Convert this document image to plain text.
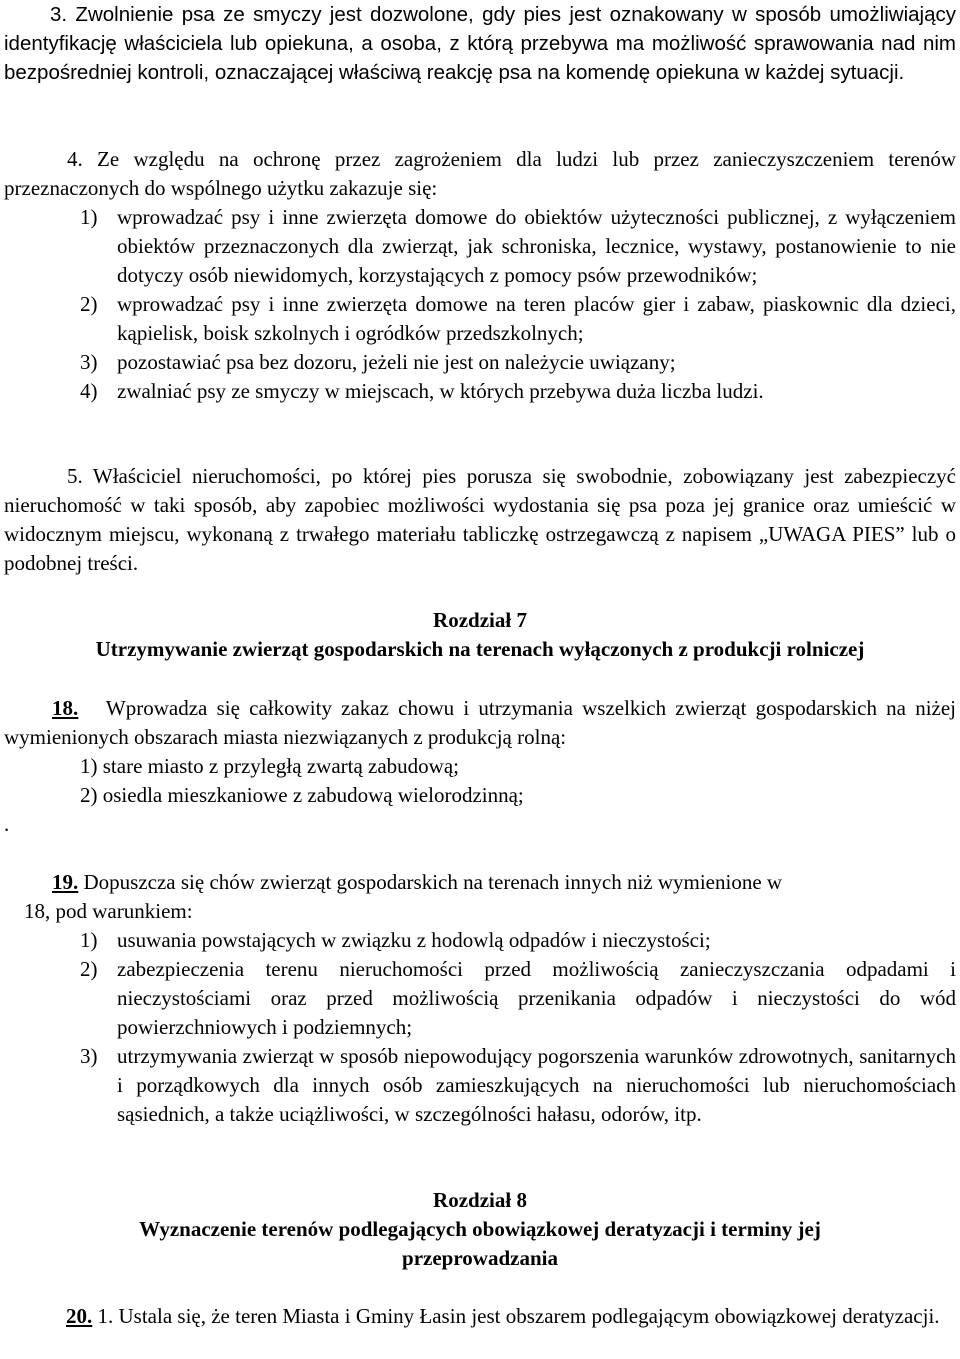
3. Zwolnienie psa ze smyczy jest dozwolone, gdy pies jest oznakowany w sposób umożliwiający identyfikację właściciela lub opiekuna, a osoba, z którą przebywa ma możliwość sprawowania nad nim bezpośredniej kontroli, oznaczającej właściwą reakcję psa na komendę opiekuna w każdej sytuacji.

4. Ze względu na ochronę przez zagrożeniem dla ludzi lub przez zanieczyszczeniem terenów przeznaczonych do wspólnego użytku zakazuje się:

1) wprowadzać psy i inne zwierzęta domowe do obiektów użyteczności publicznej, z wyłączeniem obiektów przeznaczonych dla zwierząt, jak schroniska, lecznice, wystawy, postanowienie to nie dotyczy osób niewidomych, korzystających z pomocy psów przewodników;
2) wprowadzać psy i inne zwierzęta domowe na teren placów gier i zabaw, piaskownic dla dzieci, kąpielisk, boisk szkolnych i ogródków przedszkolnych;
3) pozostawiać psa bez dozoru, jeżeli nie jest on należycie uwiązany;
4) zwalniać psy ze smyczy w miejscach, w których przebywa duża liczba ludzi.

5. Właściciel nieruchomości, po której pies porusza się swobodnie, zobowiązany jest zabezpieczyć nieruchomość w taki sposób, aby zapobiec możliwości wydostania się psa poza jej granice oraz umieścić w widocznym miejscu, wykonaną z trwałego materiału tabliczkę ostrzegawczą z napisem „UWAGA PIES” lub o podobnej treści.

Rozdział 7
Utrzymywanie zwierząt gospodarskich na terenach wyłączonych z produkcji rolniczej

18. Wprowadza się całkowity zakaz chowu i utrzymania wszelkich zwierząt gospodarskich na niżej wymienionych obszarach miasta niezwiązanych z produkcją rolną:

1) stare miasto z przyległą zwartą zabudową;
2) osiedla mieszkaniowe z zabudową wielorodzinną;
.

19. Dopuszcza się chów zwierząt gospodarskich na terenach innych niż wymienione w

18, pod warunkiem:

1) usuwania powstających w związku z hodowlą odpadów i nieczystości;
2) zabezpieczenia terenu nieruchomości przed możliwością zanieczyszczania odpadami i nieczystościami oraz przed możliwością przenikania odpadów i nieczystości do wód powierzchniowych i podziemnych;
3) utrzymywania zwierząt w sposób niepowodujący pogorszenia warunków zdrowotnych, sanitarnych i porządkowych dla innych osób zamieszkujących na nieruchomości lub nieruchomościach sąsiednich, a także uciążliwości, w szczególności hałasu, odorów, itp.
Rozdział 8
Wyznaczenie terenów podlegających obowiązkowej deratyzacji i terminy jej przeprowadzania

20. 1. Ustala się, że teren Miasta i Gminy Łasin jest obszarem podlegającym obowiązkowej deratyzacji.
